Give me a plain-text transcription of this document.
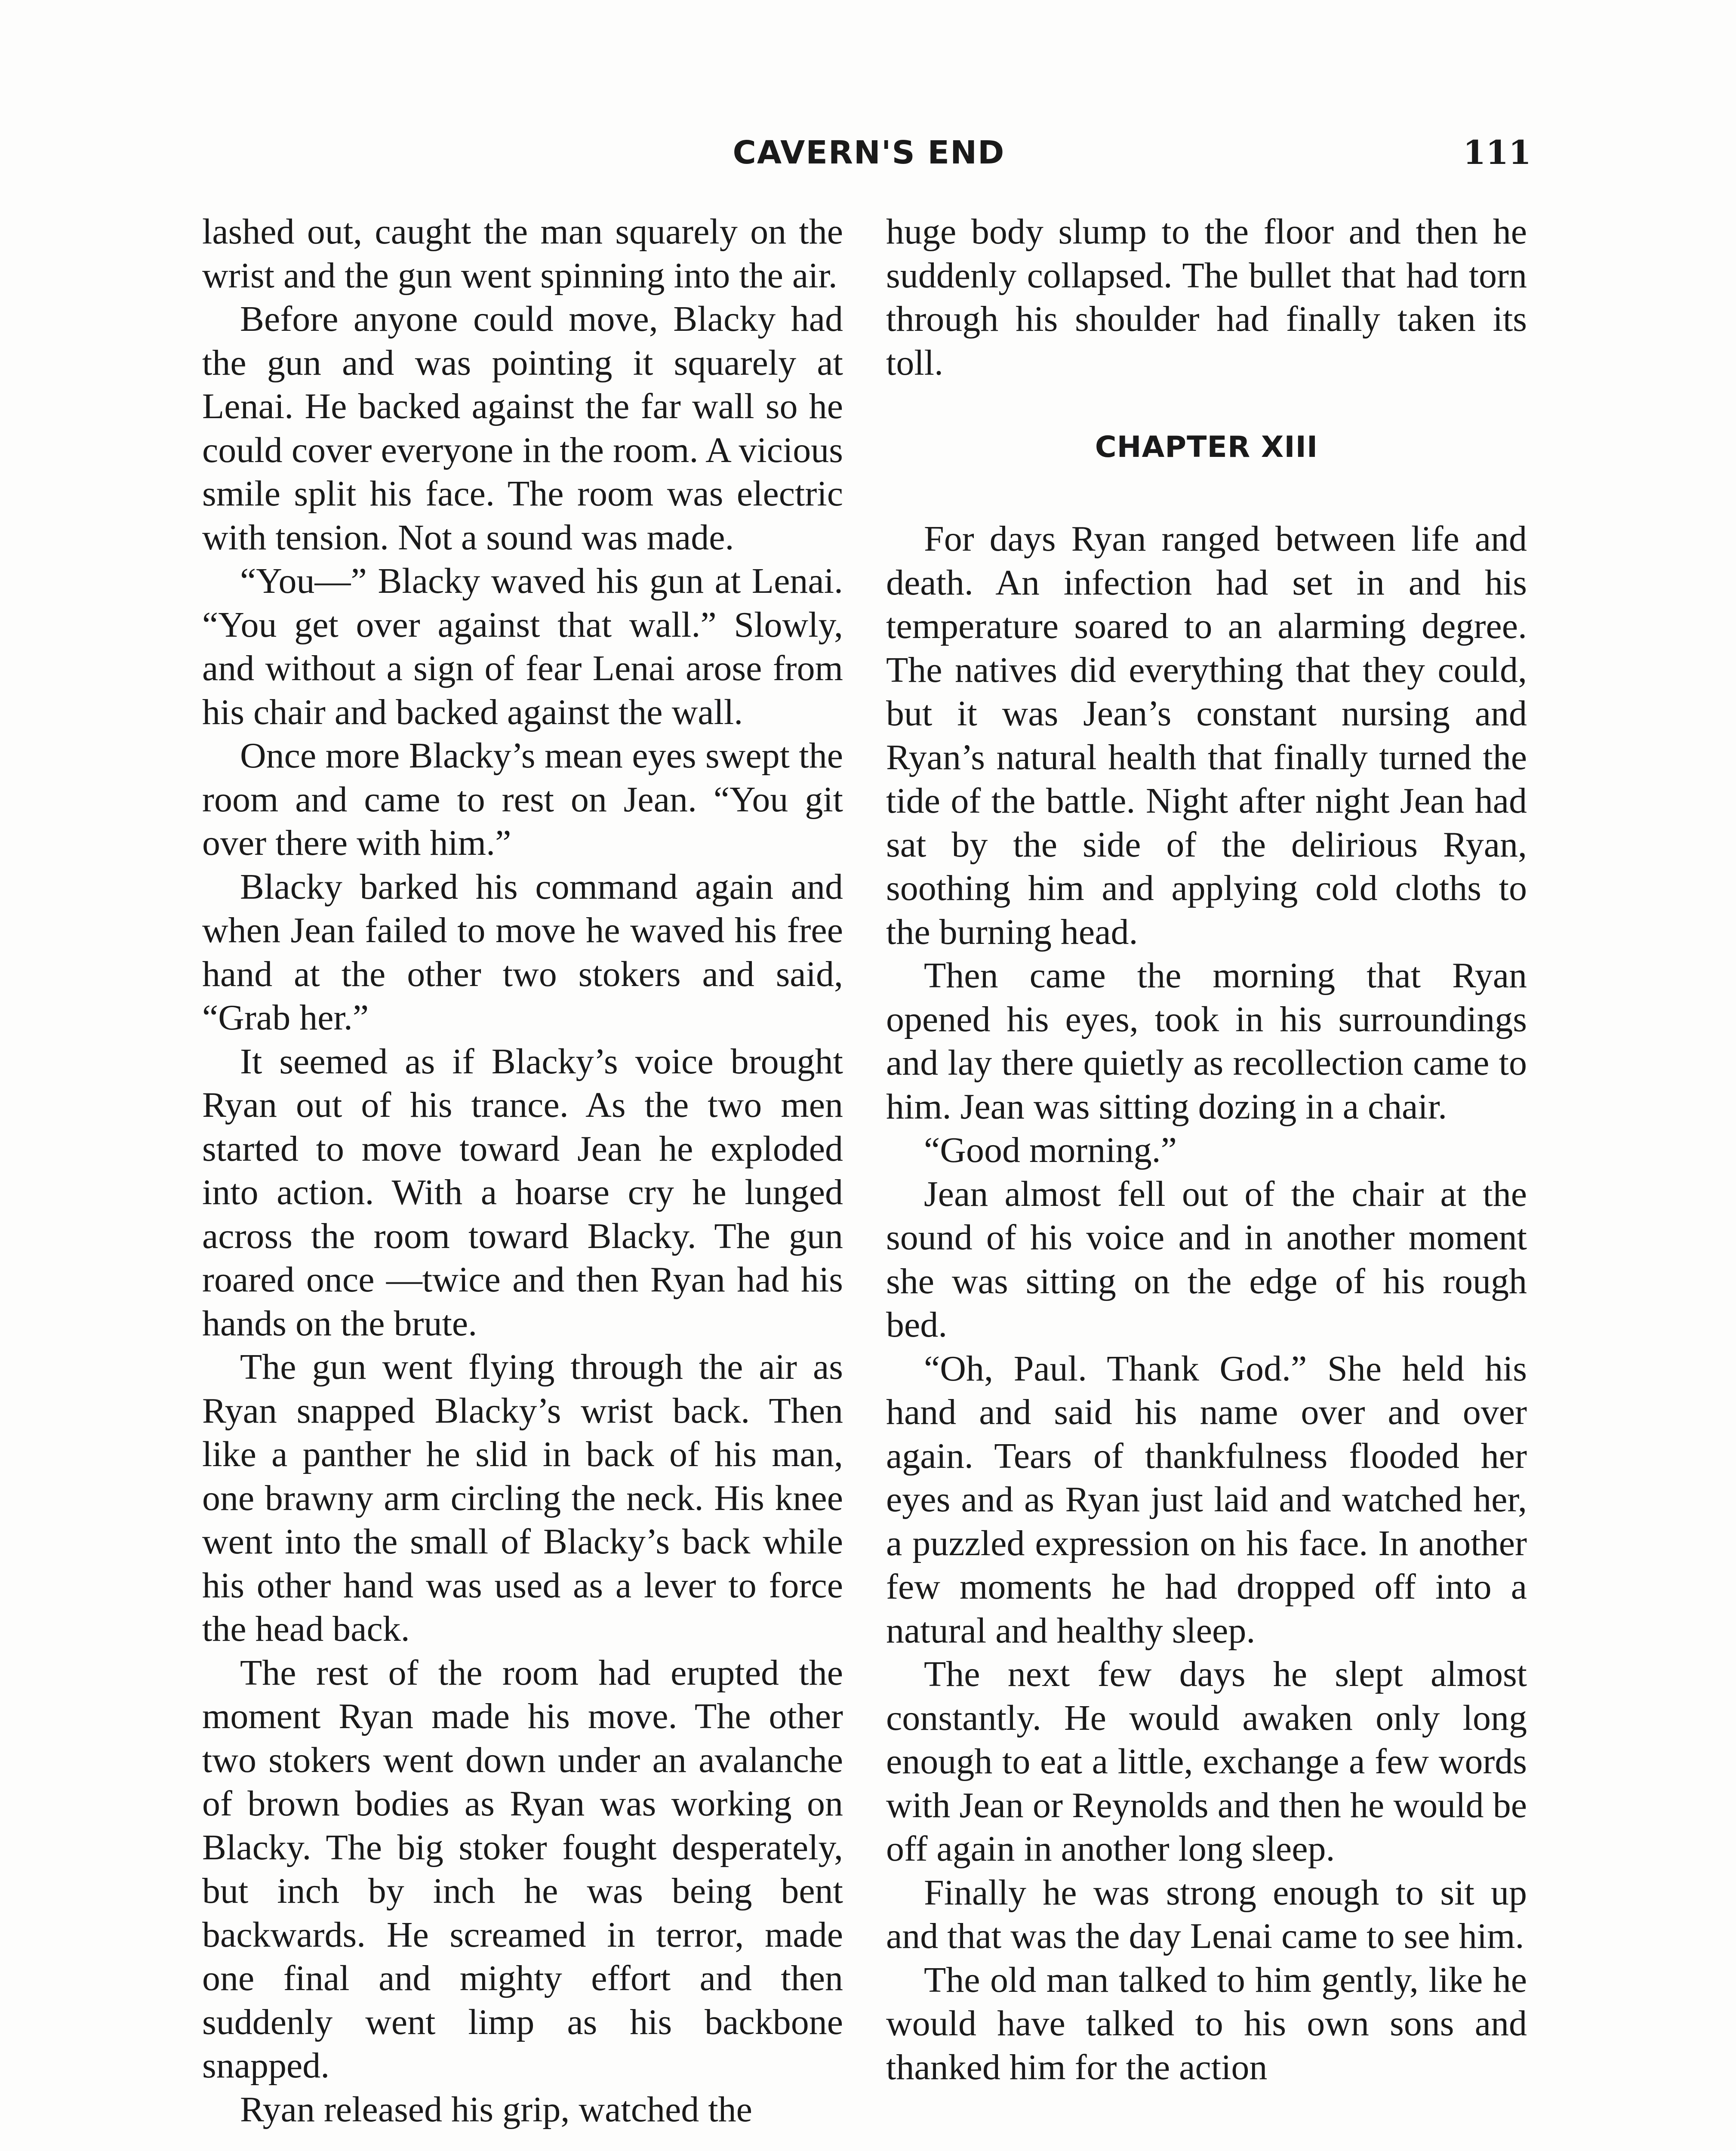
CAVERN'S END	111

lashed out, caught the man squarely on the wrist and the gun went spinning into the air.

Before anyone could move, Blacky had the gun and was pointing it squarely at Lenai. He backed against the far wall so he could cover everyone in the room. A vicious smile split his face. The room was electric with tension. Not a sound was made.

“You—” Blacky waved his gun at Lenai. “You get over against that wall.” Slowly, and without a sign of fear Lenai arose from his chair and backed against the wall.

Once more Blacky’s mean eyes swept the room and came to rest on Jean. “You git over there with him.”

Blacky barked his command again and when Jean failed to move he waved his free hand at the other two stokers and said, “Grab her.”

It seemed as if Blacky’s voice brought Ryan out of his trance. As the two men started to move toward Jean he exploded into action. With a hoarse cry he lunged across the room toward Blacky. The gun roared once —twice and then Ryan had his hands on the brute.

The gun went flying through the air as Ryan snapped Blacky’s wrist back. Then like a panther he slid in back of his man, one brawny arm circling the neck. His knee went into the small of Blacky’s back while his other hand was used as a lever to force the head back.

The rest of the room had erupted the moment Ryan made his move. The other two stokers went down under an avalanche of brown bodies as Ryan was working on Blacky. The big stoker fought desperately, but inch by inch he was being bent backwards. He screamed in terror, made one final and mighty effort and then suddenly went limp as his backbone snapped.

Ryan released his grip, watched the

huge body slump to the floor and then he suddenly collapsed. The bullet that had torn through his shoulder had finally taken its toll.

CHAPTER XIII

For days Ryan ranged between life and death. An infection had set in and his temperature soared to an alarming degree. The natives did everything that they could, but it was Jean’s constant nursing and Ryan’s natural health that finally turned the tide of the battle. Night after night Jean had sat by the side of the delirious Ryan, soothing him and applying cold cloths to the burning head.

Then came the morning that Ryan opened his eyes, took in his surroundings and lay there quietly as recollection came to him. Jean was sitting dozing in a chair.

“Good morning.”

Jean almost fell out of the chair at the sound of his voice and in another moment she was sitting on the edge of his rough bed.

“Oh, Paul. Thank God.” She held his hand and said his name over and over again. Tears of thankfulness flooded her eyes and as Ryan just laid and watched her, a puzzled expression on his face. In another few moments he had dropped off into a natural and healthy sleep.

The next few days he slept almost constantly. He would awaken only long enough to eat a little, exchange a few words with Jean or Reynolds and then he would be off again in another long sleep.

Finally he was strong enough to sit up and that was the day Lenai came to see him.

The old man talked to him gently, like he would have talked to his own sons and thanked him for the action
